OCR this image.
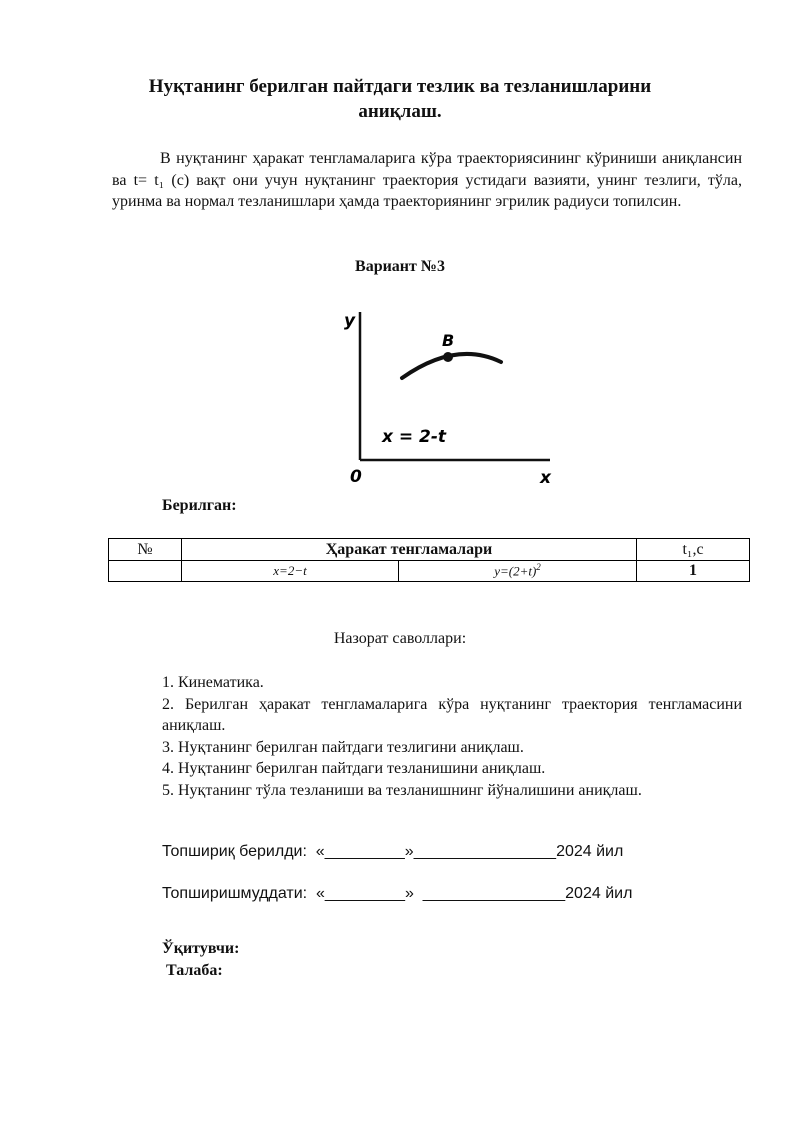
Нуқтанинг берилган пайтдаги тезлик ва тезланишларини аниқлаш.
В нуқтанинг ҳаракат тенгламаларига кўра траекториясининг кўриниши аниқлансин ва t= t₁ (с) вақт они учун нуқтанинг траектория устидаги вазияти, унинг тезлиги, тўла, уринма ва нормал тезланишлари ҳамда траекториянинг эгрилик радиуси топилсин.
Вариант №3
y
x
0
B
x = 2-t
Берилган:
№	Ҳаракат тенгламалари		t₁,с
	x=2−t	$y=(2+t)^2$	1
Назорат саволлари:
1. Кинематика.
2. Берилган ҳаракат тенгламаларига кўра нуқтанинг траектория тенгламасини аниқлаш.
3. Нуқтанинг берилган пайтдаги тезлигини аниқлаш.
4. Нуқтанинг берилган пайтдаги тезланишини аниқлаш.
5. Нуқтанинг тўла тезланиши ва тезланишнинг йўналишини аниқлаш.
Топшириқ берилди:  «_________»________________2024 йил
Топширишмуддати:  «_________»  ________________2024 йил
Ўқитувчи:
Талаба:
